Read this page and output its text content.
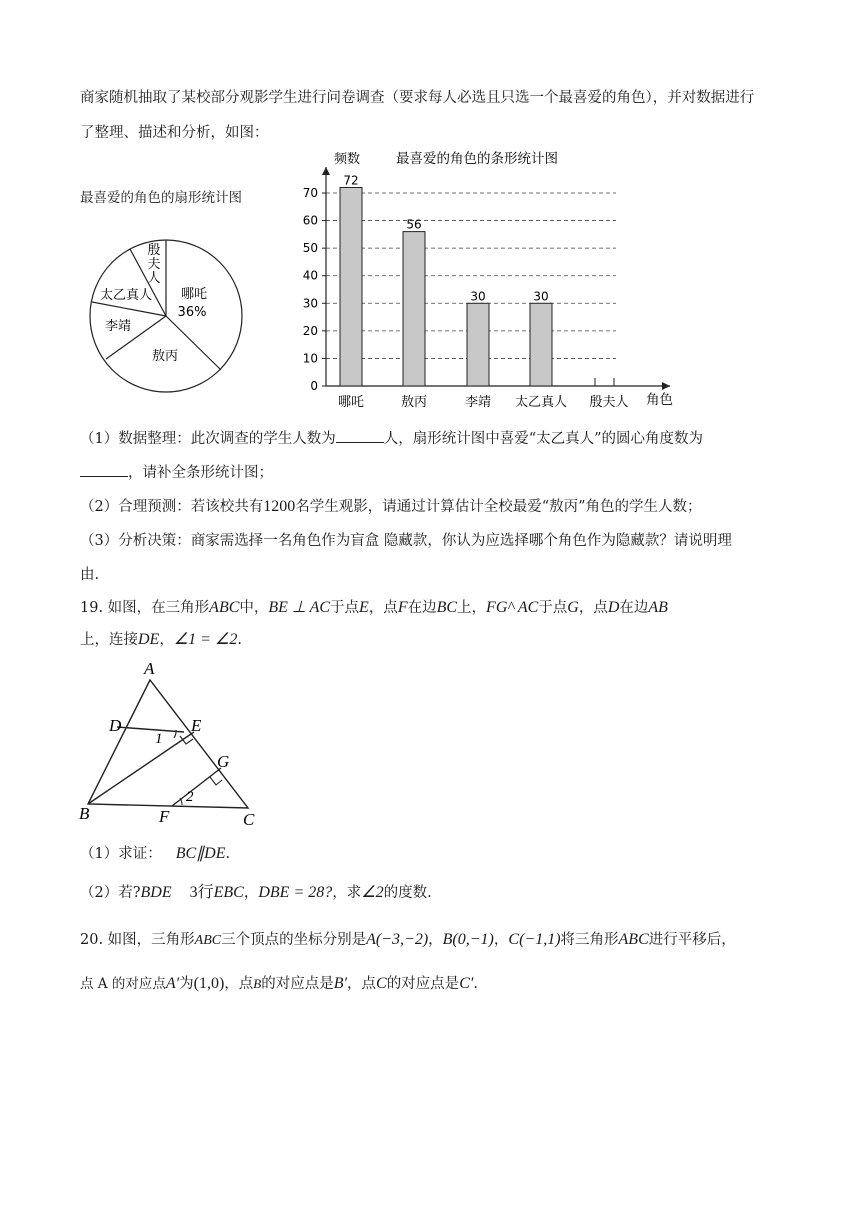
商家随机抽取了某校部分观影学生进行问卷调查（要求每人必选且只选一个最喜爱的角色），并对数据进行
了整理、描述和分析，如图：
最喜爱的角色的扇形统计图
殷
夫
人
太乙真人
李靖
哪吒
36%
敖丙
0
10
20
30
40
50
60
70
频数	最喜爱的角色的条形统计图
角色
72
哪吒
56
敖丙
30
李靖
30
太乙真人 殷夫人
（1）数据整理：此次调查的学生人数为	人，扇形统计图中喜爱“太乙真人”的圆心角度数为
，请补全条形统计图；
（2）合理预测：若该校共有1200名学生观影，请通过计算估计全校最爱“敖丙”角色的学生人数；
（3）分析决策：商家需选择一名角色作为盲盒 隐藏款，你认为应选择哪个角色作为隐藏款？请说明理
由.
19. 如图，在三角形ABC中，BE ⊥ AC于点E，点F在边BC上，FG^ AC于点G，点D在边AB
上，连接DE，∠1 = ∠2.
A
B	C
D	E
F
G
1
2
（1）求证： BC∥DE.
（2）若?BDE 3行EBC，DBE = 28?，求∠2的度数.
20. 如图，三角形ABC三个顶点的坐标分别是A(−3,−2)，B(0,−1)，C(−1,1)将三角形ABC进行平移后，
点 A 的对应点A′为(1,0)，点B的对应点是B′，点C的对应点是C′.
